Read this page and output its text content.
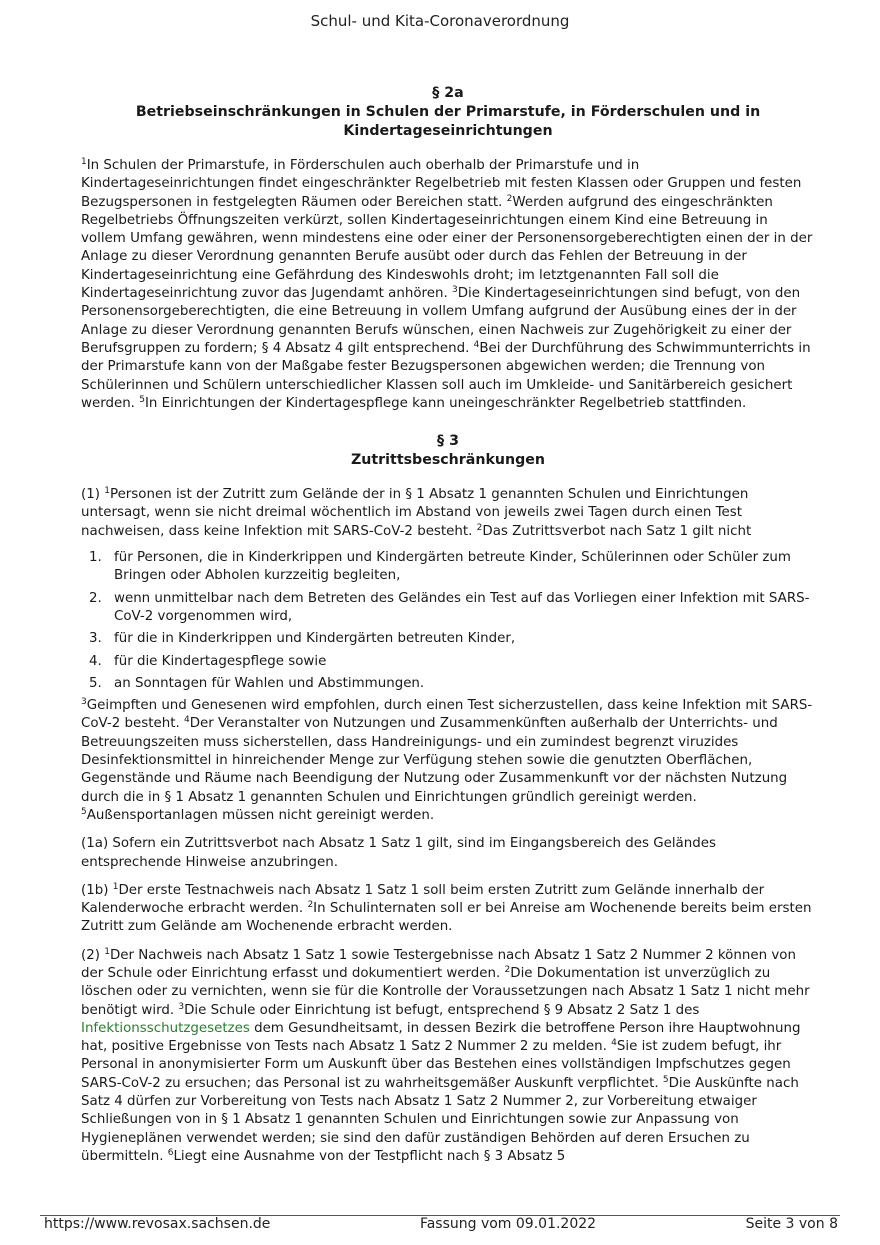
Schul- und Kita-Coronaverordnung
§ 2a
Betriebseinschränkungen in Schulen der Primarstufe, in Förderschulen und in Kindertageseinrichtungen

$^1$In Schulen der Primarstufe, in Förderschulen auch oberhalb der Primarstufe und in Kindertageseinrichtungen findet eingeschränkter Regelbetrieb mit festen Klassen oder Gruppen und festen Bezugspersonen in festgelegten Räumen oder Bereichen statt. $^2$Werden aufgrund des eingeschränkten Regelbetriebs Öffnungszeiten verkürzt, sollen Kindertageseinrichtungen einem Kind eine Betreuung in vollem Umfang gewähren, wenn mindestens eine oder einer der Personensorgeberechtigten einen der in der Anlage zu dieser Verordnung genannten Berufe ausübt oder durch das Fehlen der Betreuung in der Kindertageseinrichtung eine Gefährdung des Kindeswohls droht; im letztgenannten Fall soll die Kindertageseinrichtung zuvor das Jugendamt anhören. $^3$Die Kindertageseinrichtungen sind befugt, von den Personensorgeberechtigten, die eine Betreuung in vollem Umfang aufgrund der Ausübung eines der in der Anlage zu dieser Verordnung genannten Berufs wünschen, einen Nachweis zur Zugehörigkeit zu einer der Berufsgruppen zu fordern; § 4 Absatz 4 gilt entsprechend. $^4$Bei der Durchführung des Schwimmunterrichts in der Primarstufe kann von der Maßgabe fester Bezugspersonen abgewichen werden; die Trennung von Schülerinnen und Schülern unterschiedlicher Klassen soll auch im Umkleide- und Sanitärbereich gesichert werden. $^5$In Einrichtungen der Kindertagespflege kann uneingeschränkter Regelbetrieb stattfinden.

§ 3
Zutrittsbeschränkungen

(1) $^1$Personen ist der Zutritt zum Gelände der in § 1 Absatz 1 genannten Schulen und Einrichtungen untersagt, wenn sie nicht dreimal wöchentlich im Abstand von jeweils zwei Tagen durch einen Test nachweisen, dass keine Infektion mit SARS-CoV-2 besteht. $^2$Das Zutrittsverbot nach Satz 1 gilt nicht

1. für Personen, die in Kinderkrippen und Kindergärten betreute Kinder, Schülerinnen oder Schüler zum Bringen oder Abholen kurzzeitig begleiten,
2. wenn unmittelbar nach dem Betreten des Geländes ein Test auf das Vorliegen einer Infektion mit SARS-CoV-2 vorgenommen wird,
3. für die in Kinderkrippen und Kindergärten betreuten Kinder,
4. für die Kindertagespflege sowie
5. an Sonntagen für Wahlen und Abstimmungen.

$^3$Geimpften und Genesenen wird empfohlen, durch einen Test sicherzustellen, dass keine Infektion mit SARS-CoV-2 besteht. $^4$Der Veranstalter von Nutzungen und Zusammenkünften außerhalb der Unterrichts- und Betreuungszeiten muss sicherstellen, dass Handreinigungs- und ein zumindest begrenzt viruzides Desinfektionsmittel in hinreichender Menge zur Verfügung stehen sowie die genutzten Oberflächen, Gegenstände und Räume nach Beendigung der Nutzung oder Zusammenkunft vor der nächsten Nutzung durch die in § 1 Absatz 1 genannten Schulen und Einrichtungen gründlich gereinigt werden.
$^5$Außensportanlagen müssen nicht gereinigt werden.

(1a) Sofern ein Zutrittsverbot nach Absatz 1 Satz 1 gilt, sind im Eingangsbereich des Geländes entsprechende Hinweise anzubringen.

(1b) $^1$Der erste Testnachweis nach Absatz 1 Satz 1 soll beim ersten Zutritt zum Gelände innerhalb der Kalenderwoche erbracht werden. $^2$In Schulinternaten soll er bei Anreise am Wochenende bereits beim ersten Zutritt zum Gelände am Wochenende erbracht werden.

(2) $^1$Der Nachweis nach Absatz 1 Satz 1 sowie Testergebnisse nach Absatz 1 Satz 2 Nummer 2 können von der Schule oder Einrichtung erfasst und dokumentiert werden. $^2$Die Dokumentation ist unverzüglich zu löschen oder zu vernichten, wenn sie für die Kontrolle der Voraussetzungen nach Absatz 1 Satz 1 nicht mehr benötigt wird. $^3$Die Schule oder Einrichtung ist befugt, entsprechend § 9 Absatz 2 Satz 1 des Infektionsschutzgesetzes dem Gesundheitsamt, in dessen Bezirk die betroffene Person ihre Hauptwohnung hat, positive Ergebnisse von Tests nach Absatz 1 Satz 2 Nummer 2 zu melden. $^4$Sie ist zudem befugt, ihr Personal in anonymisierter Form um Auskunft über das Bestehen eines vollständigen Impfschutzes gegen SARS-CoV-2 zu ersuchen; das Personal ist zu wahrheitsgemäßer Auskunft verpflichtet. $^5$Die Auskünfte nach Satz 4 dürfen zur Vorbereitung von Tests nach Absatz 1 Satz 2 Nummer 2, zur Vorbereitung etwaiger Schließungen von in § 1 Absatz 1 genannten Schulen und Einrichtungen sowie zur Anpassung von Hygieneplänen verwendet werden; sie sind den dafür zuständigen Behörden auf deren Ersuchen zu übermitteln. $^6$Liegt eine Ausnahme von der Testpflicht nach § 3 Absatz 5

https://www.revosax.sachsen.de	Fassung vom 09.01.2022	Seite 3 von 8
